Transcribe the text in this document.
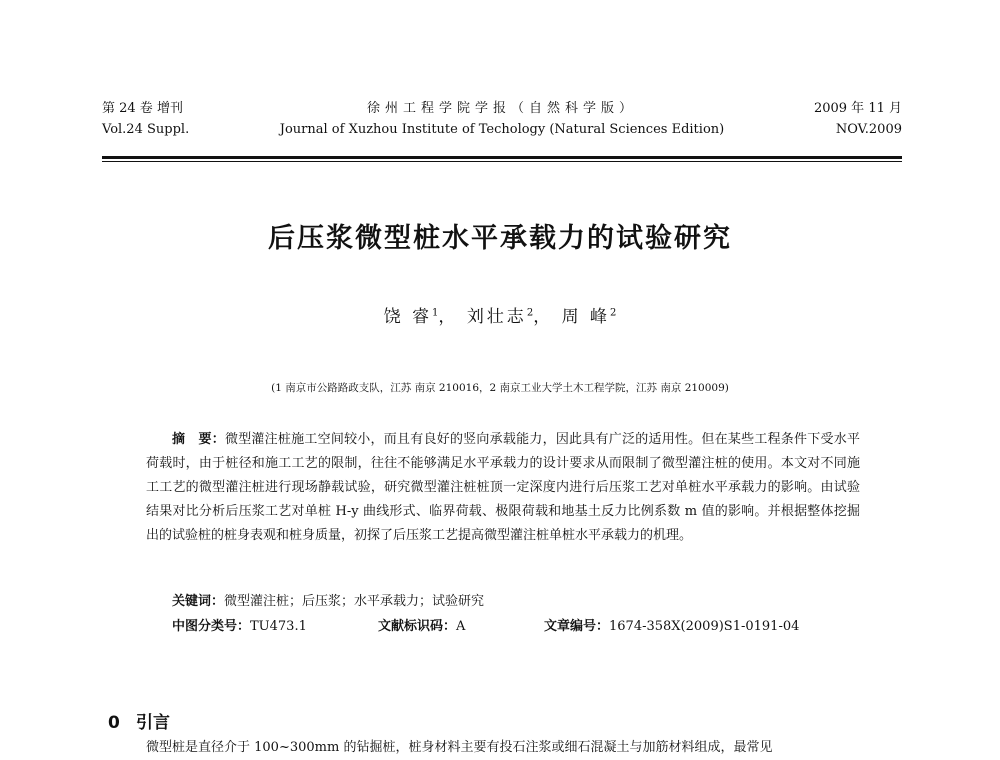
第 24 卷 增刊
Vol.24 Suppl.
徐州工程学院学报（自然科学版）
Journal of Xuzhou Institute of Techology (Natural Sciences Edition)
2009 年 11 月
NOV.2009
后压浆微型桩水平承载力的试验研究
饶 睿$^1$， 刘壮志$^2$， 周 峰$^2$
(1 南京市公路路政支队，江苏 南京 210016，2 南京工业大学土木工程学院，江苏 南京 210009)
摘　要：微型灌注桩施工空间较小，而且有良好的竖向承载能力，因此具有广泛的适用性。但在某些工程条件下受水平荷载时，由于桩径和施工工艺的限制，往往不能够满足水平承载力的设计要求从而限制了微型灌注桩的使用。本文对不同施工工艺的微型灌注桩进行现场静载试验，研究微型灌注桩桩顶一定深度内进行后压浆工艺对单桩水平承载力的影响。由试验结果对比分析后压浆工艺对单桩 H-y 曲线形式、临界荷载、极限荷载和地基土反力比例系数 m 值的影响。并根据整体挖掘出的试验桩的桩身表观和桩身质量，初探了后压浆工艺提高微型灌注桩单桩水平承载力的机理。
关键词：微型灌注桩；后压浆；水平承载力；试验研究
中图分类号：TU473.1	文献标识码：A	文章编号：1674-358X(2009)S1-0191-04
0 引言
微型桩是直径介于 100~300mm 的钻掘桩，桩身材料主要有投石注浆或细石混凝土与加筋材料组成，最常见
